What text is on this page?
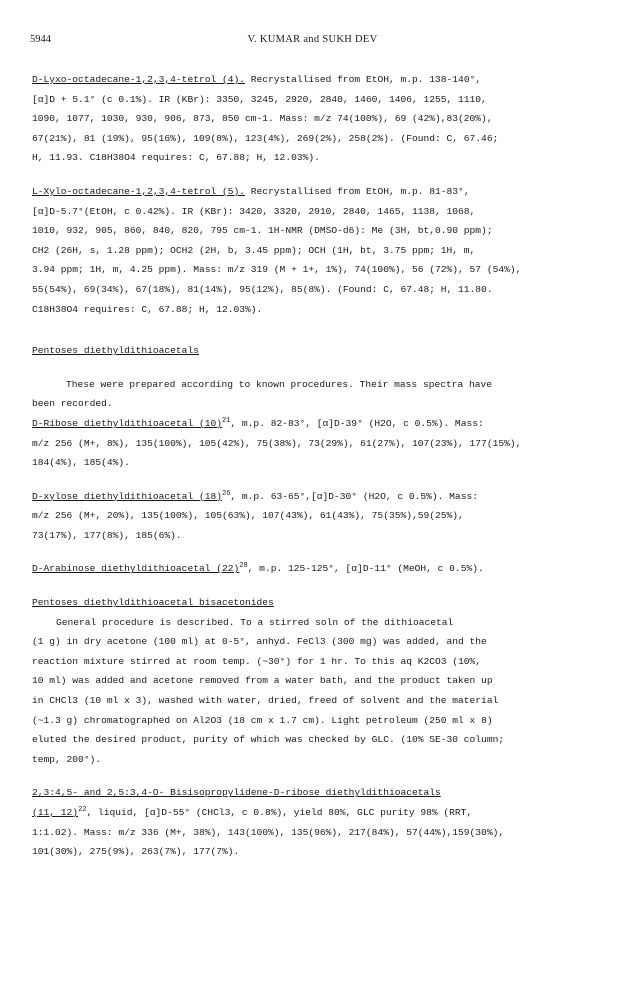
5944	V. KUMAR and SUKH DEV

D-Lyxo-octadecane-1,2,3,4-tetrol (4). Recrystallised from EtOH, m.p. 138-140°,

[α]D + 5.1° (c 0.1%). IR (KBr): 3350, 3245, 2920, 2840, 1460, 1406, 1255, 1110,

1090, 1077, 1030, 930, 906, 873, 850 cm-1. Mass: m/z 74(100%), 69 (42%),83(20%),

67(21%), 81 (19%), 95(16%), 109(8%), 123(4%), 269(2%), 258(2%). (Found: C, 67.46;

H, 11.93. C18H38O4 requires: C, 67.88; H, 12.03%).

L-Xylo-octadecane-1,2,3,4-tetrol (5). Recrystallised from EtOH, m.p. 81-83°,

[α]D-5.7°(EtOH, c 0.42%). IR (KBr): 3420, 3320, 2910, 2840, 1465, 1138, 1068,

1010, 932, 905, 860, 840, 820, 795 cm-1. 1H-NMR (DMSO-d6): Me (3H, bt,0.90 ppm);

CH2 (26H, s, 1.28 ppm); OCH2 (2H, b, 3.45 ppm); OCH (1H, bt, 3.75 ppm; 1H, m,

3.94 ppm; 1H, m, 4.25 ppm). Mass: m/z 319 (M + 1+, 1%), 74(100%), 56 (72%), 57 (54%),

55(54%), 69(34%), 67(18%), 81(14%), 95(12%), 85(8%). (Found: C, 67.48; H, 11.80.

C18H38O4 requires: C, 67.88; H, 12.03%).

Pentoses diethyldithioacetals

These were prepared according to known procedures. Their mass spectra have

been recorded.

D-Ribose diethyldithioacetal $(10)^{21}$, m.p. 82-83°, [α]D-39° (H2O, c 0.5%). Mass:

m/z 256 (M+, 8%), 135(100%), 105(42%), 75(38%), 73(29%), 61(27%), 107(23%), 177(15%),

184(4%), 185(4%).

D-xylose diethyldithioacetal $(18)^{26}$, m.p. 63-65°,[α]D-30° (H2O, c 0.5%). Mass:

m/z 256 (M+, 20%), 135(100%), 105(63%), 107(43%), 61(43%), 75(35%),59(25%),

73(17%), 177(8%), 185(6%).

D-Arabinose diethyldithioacetal $(22)^{28}$, m.p. 125-125°, [α]D-11° (MeOH, c 0.5%).

Pentoses diethyldithioacetal bisacetonides

General procedure is described. To a stirred soln of the dithioacetal

(1 g) in dry acetone (100 ml) at 0-5°, anhyd. FeCl3 (300 mg) was added, and the

reaction mixture stirred at room temp. (~30°) for 1 hr. To this aq K2CO3 (10%,

10 ml) was added and acetone removed from a water bath, and the product taken up

in CHCl3 (10 ml x 3), washed with water, dried, freed of solvent and the material

(~1.3 g) chromatographed on Al2O3 (18 cm x 1.7 cm). Light petroleum (250 ml x 8)

eluted the desired product, purity of which was checked by GLC. (10% SE-30 column;

temp, 200°).

2,3:4,5- and 2,5:3,4-O- Bisisopropylidene-D-ribose diethyldithioacetals

(11, 12)$^{22}$, liquid, [α]D-55° (CHCl3, c 0.8%), yield 80%, GLC purity 98% (RRT,

1:1.02). Mass: m/z 336 (M+, 38%), 143(100%), 135(96%), 217(84%), 57(44%),159(30%),

101(30%), 275(9%), 263(7%), 177(7%).
